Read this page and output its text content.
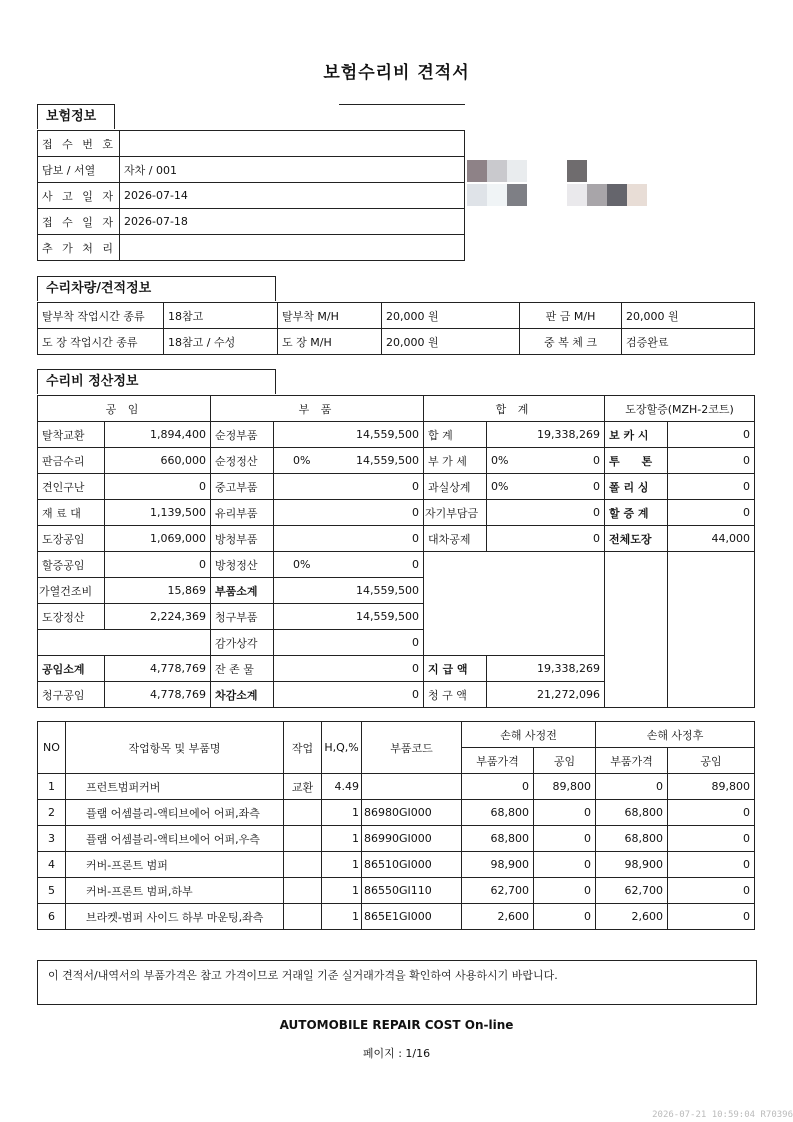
보험수리비 견적서
보험정보
접 수 번 호	
담보 / 서열	자차 / 001
사 고 일 자	2026-07-14
접 수 일 자	2026-07-18
추 가 처 리	
수리차량/견적정보
탈부착 작업시간 종류	18참고	탈부착 M/H	20,000 원	판 금 M/H	20,000 원
도 장 작업시간 종류	18참고 / 수성	도 장 M/H	20,000 원	중 복 체 크	검증완료
수리비 정산정보
공 임		부 품			합 계			도장할증(MZH-2코트)	
탈착교환	1,894,400	순정부품	14,559,500		합 계	19,338,269		보 카 시	0
판금수리	660,000	순정정산	0%	14,559,500	부 가 세	0%	0	투 톤	0
견인구난	0	중고부품	0		과실상계	0%	0	폴 리 싱	0
재 료 대	1,139,500	유리부품	0		자기부담금	0		할 증 계	0
도장공임	1,069,000	방청부품	0		대차공제	0		전체도장	44,000
할증공임	0	방청정산	0%	0					
가열건조비	15,869	부품소계	14,559,500						
도장정산	2,224,369	청구부품	14,559,500						
		감가상각	0						
공임소계	4,778,769	잔 존 물	0		지 급 액	19,338,269			
청구공임	4,778,769	차감소계	0		청 구 액	21,272,096			
NO	작업항목 및 부품명	작업	H,Q,%	부품코드	손해 사정전		손해 사정후	
					부품가격	공임	부품가격	공임
1	프런트범퍼커버	교환	4.49		0	89,800	0	89,800
2	플램 어셈블리-액티브에어 어퍼,좌측		1	86980GI000	68,800	0	68,800	0
3	플램 어셈블리-액티브에어 어퍼,우측		1	86990GI000	68,800	0	68,800	0
4	커버-프론트 범퍼		1	86510GI000	98,900	0	98,900	0
5	커버-프론트 범퍼,하부		1	86550GI110	62,700	0	62,700	0
6	브라켓-범퍼 사이드 하부 마운팅,좌측		1	865E1GI000	2,600	0	2,600	0
이 견적서/내역서의 부품가격은 참고 가격이므로 거래일 기준 실거래가격을 확인하여 사용하시기 바랍니다.
AUTOMOBILE REPAIR COST On-line
페이지 : 1/16
2026-07-21 10:59:04 R70396
